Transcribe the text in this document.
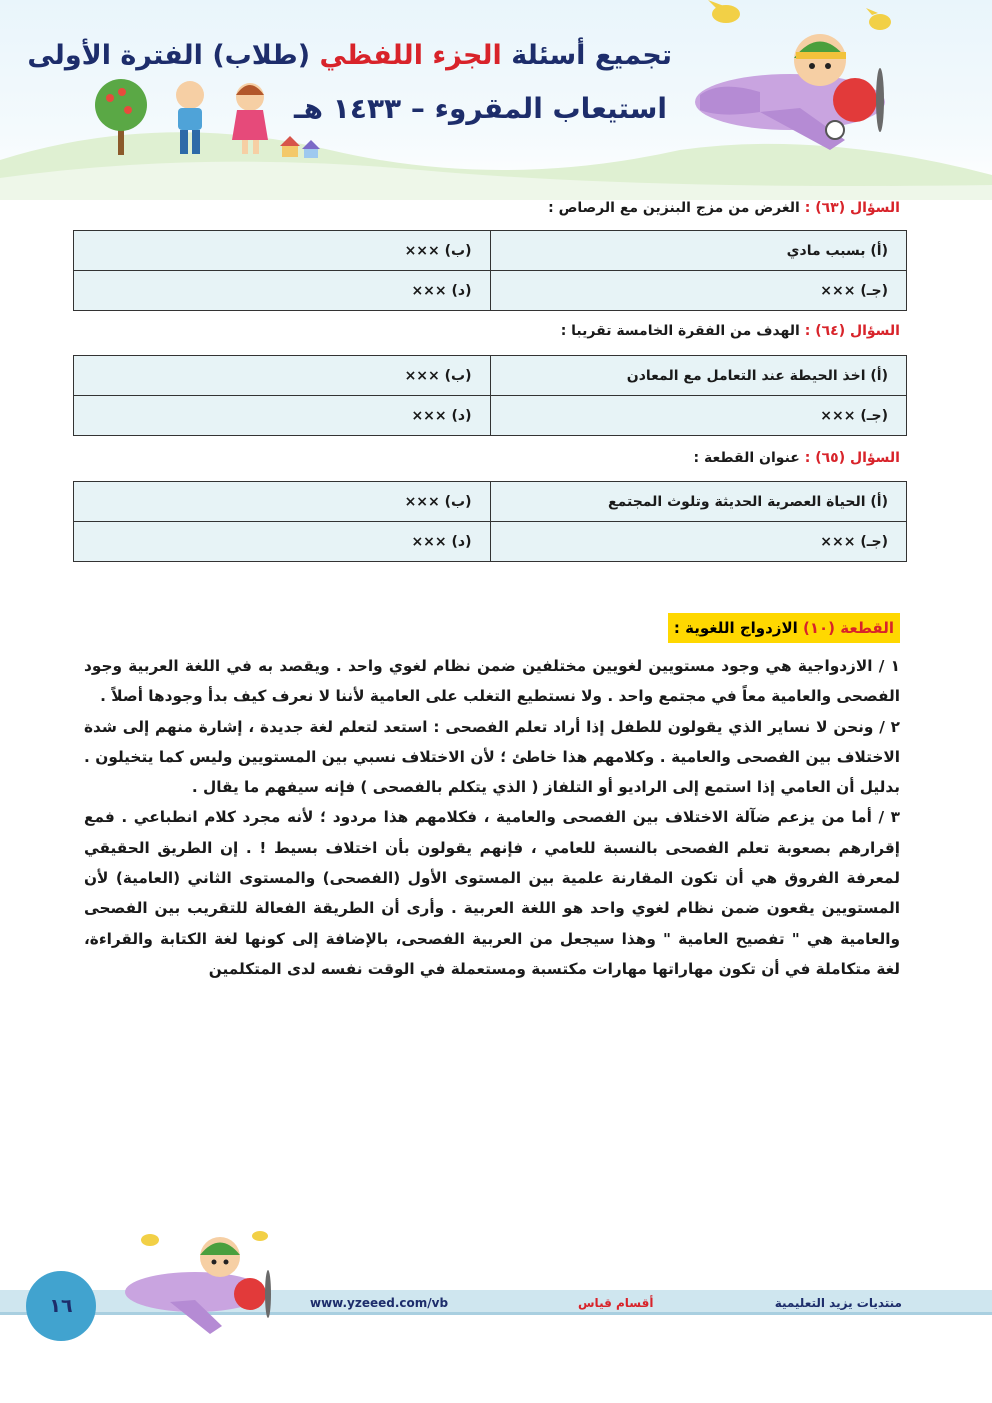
تجميع أسئلة الجزء اللفظي (طلاب) الفترة الأولى
استيعاب المقروء – ١٤٣٣ هـ
السؤال (٦٣) : الغرض من مزج البنزين مع الرصاص :
(ب) ×××	(أ) بسبب مادي
(د) ×××	(جـ) ×××
السؤال (٦٤) : الهدف من الفقرة الخامسة تقريبا :
(ب) ×××	(أ) اخذ الحيطة عند التعامل مع المعادن
(د) ×××	(جـ) ×××
السؤال (٦٥) : عنوان القطعة :
(ب) ×××	(أ) الحياة العصرية الحديثة وتلوث المجتمع
(د) ×××	(جـ) ×××
القطعة (١٠) الازدواج اللغوية :

١ / الازدواجية هي وجود مستويين لغويين مختلفين ضمن نظام لغوي واحد . ويقصد به في اللغة العربية وجود الفصحى والعامية معاً في مجتمع واحد . ولا نستطيع التغلب على العامية لأننا لا نعرف كيف بدأ وجودها أصلاً .

٢ / ونحن لا نساير الذي يقولون للطفل إذا أراد تعلم الفصحى : استعد لتعلم لغة جديدة ، إشارة منهم إلى شدة الاختلاف بين الفصحى والعامية . وكلامهم هذا خاطئ ؛ لأن الاختلاف نسبي بين المستويين وليس كما يتخيلون . بدليل أن العامي إذا استمع إلى الراديو أو التلفاز ( الذي يتكلم بالفصحى ) فإنه سيفهم ما يقال .

٣ / أما من يزعم ضآلة الاختلاف بين الفصحى والعامية ، فكلامهم هذا مردود ؛ لأنه مجرد كلام انطباعي . فمع إقرارهم بصعوبة تعلم الفصحى بالنسبة للعامي ، فإنهم يقولون بأن اختلاف بسيط ! . إن الطريق الحقيقي لمعرفة الفروق هي أن تكون المقارنة علمية بين المستوى الأول (الفصحى) والمستوى الثاني (العامية) لأن المستويين يقعون ضمن نظام لغوي واحد هو اللغة العربية . وأرى أن الطريقة الفعالة للتقريب بين الفصحى والعامية هي " تفصيح العامية " وهذا سيجعل من العربية الفصحى، بالإضافة إلى كونها لغة الكتابة والقراءة، لغة متكاملة في أن تكون مهاراتها مهارات مكتسبة ومستعملة في الوقت نفسه لدى المتكلمين

١٦	www.yzeeed.com/vb	أقسام قياس	منتديات يزيد التعليمية
